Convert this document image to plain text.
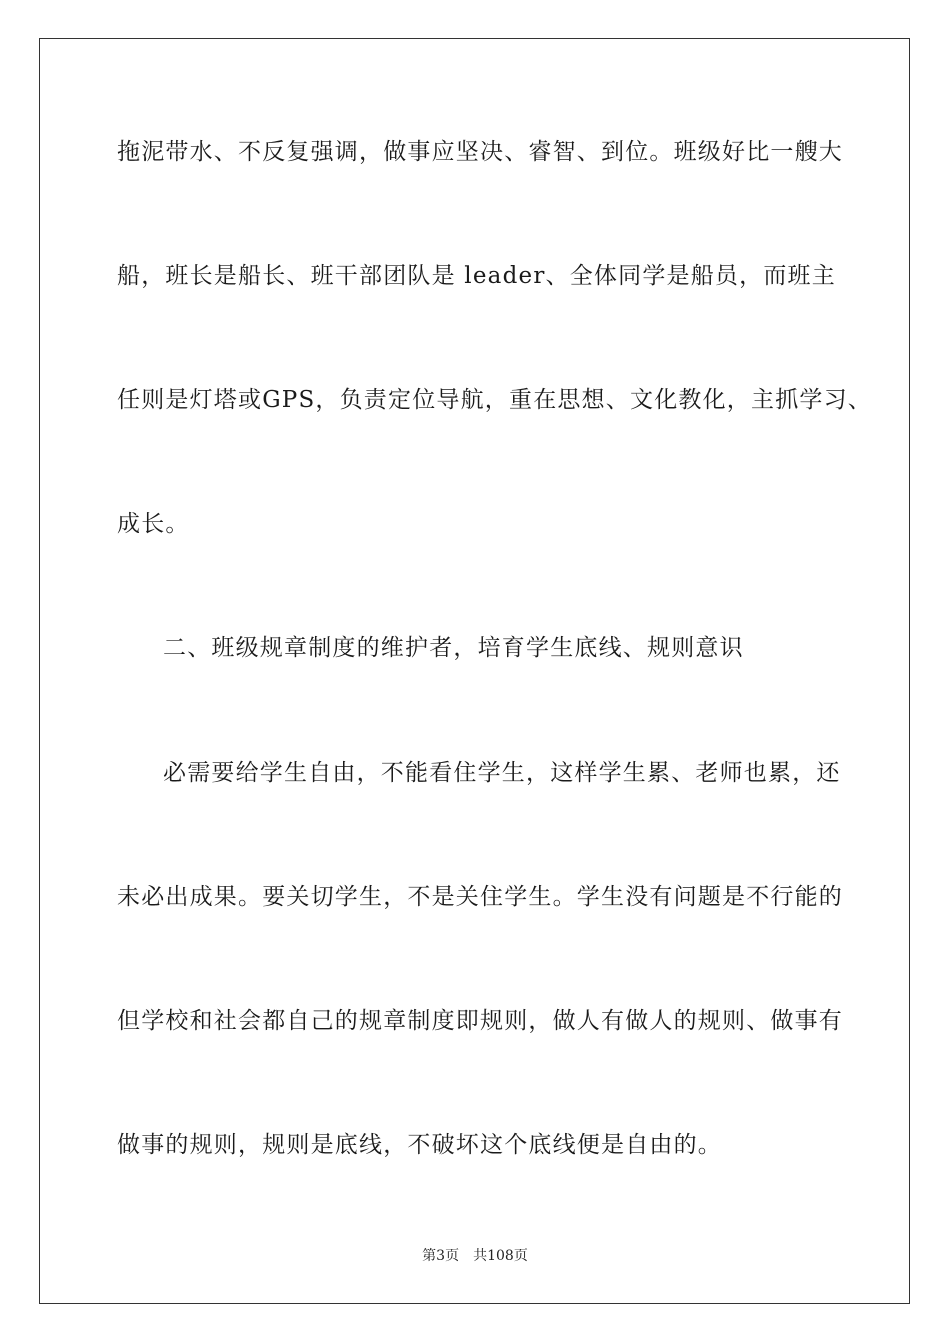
拖泥带水、不反复强调，做事应坚决、睿智、到位。班级好比一艘大
船，班长是船长、班干部团队是 leader、全体同学是船员，而班主
任则是灯塔或GPS，负责定位导航，重在思想、文化教化，主抓学习、
成长。
二、班级规章制度的维护者，培育学生底线、规则意识
必需要给学生自由，不能看住学生，这样学生累、老师也累，还
未必出成果。要关切学生，不是关住学生。学生没有问题是不行能的
但学校和社会都自己的规章制度即规则，做人有做人的规则、做事有
做事的规则，规则是底线，不破坏这个底线便是自由的。
第3页 共108页
